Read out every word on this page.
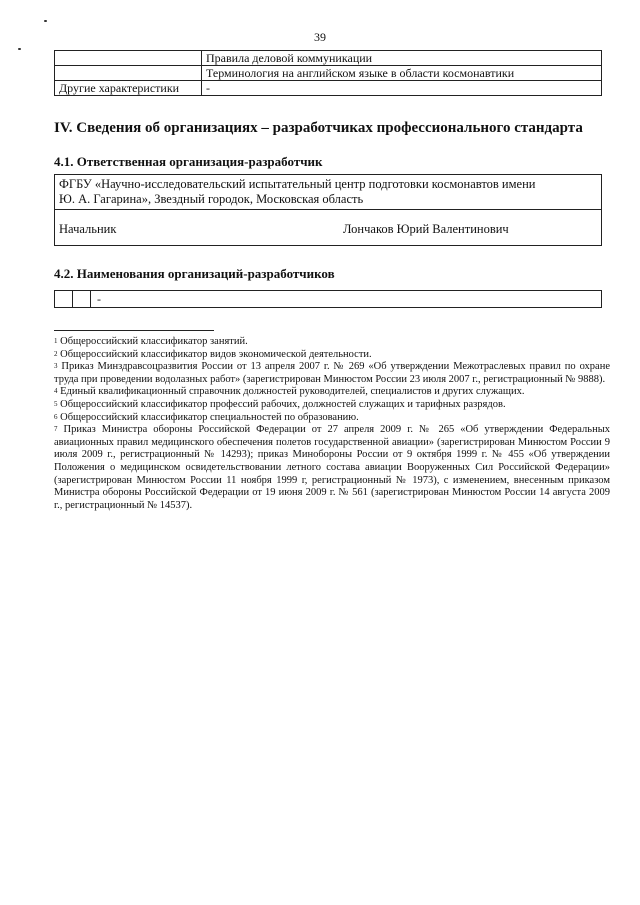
39
	Правила деловой коммуникации
	Терминология на английском языке в области космонавтики
Другие характеристики	-
IV. Сведения об организациях – разработчиках профессионального стандарта
4.1. Ответственная организация-разработчик
ФГБУ «Научно-исследовательский испытательный центр подготовки космонавтов имени
Ю. А. Гагарина», Звездный городок, Московская область
Начальник	Лончаков Юрий Валентинович
4.2. Наименования организаций-разработчиков
		-

$^1$ Общероссийский классификатор занятий.

$^2$ Общероссийский классификатор видов экономической деятельности.

$^3$ Приказ Минздравсоцразвития России от 13 апреля 2007 г. № 269 «Об утверждении Межотраслевых правил по охране труда при проведении водолазных работ» (зарегистрирован Минюстом России 23 июля 2007 г., регистрационный № 9888).

$^4$ Единый квалификационный справочник должностей руководителей, специалистов и других служащих.

$^5$ Общероссийский классификатор профессий рабочих, должностей служащих и тарифных разрядов.

$^6$ Общероссийский классификатор специальностей по образованию.

$^7$ Приказ Министра обороны Российской Федерации от 27 апреля 2009 г. № 265 «Об утверждении Федеральных авиационных правил медицинского обеспечения полетов государственной авиации» (зарегистрирован Минюстом России 9 июля 2009 г., регистрационный № 14293); приказ Минобороны России от 9 октября 1999 г. № 455 «Об утверждении Положения о медицинском освидетельствовании летного состава авиации Вооруженных Сил Российской Федерации» (зарегистрирован Минюстом России 11 ноября 1999 г, регистрационный № 1973), с изменением, внесенным приказом Министра обороны Российской Федерации от 19 июня 2009 г. № 561 (зарегистрирован Минюстом России 14 августа 2009 г., регистрационный № 14537).
